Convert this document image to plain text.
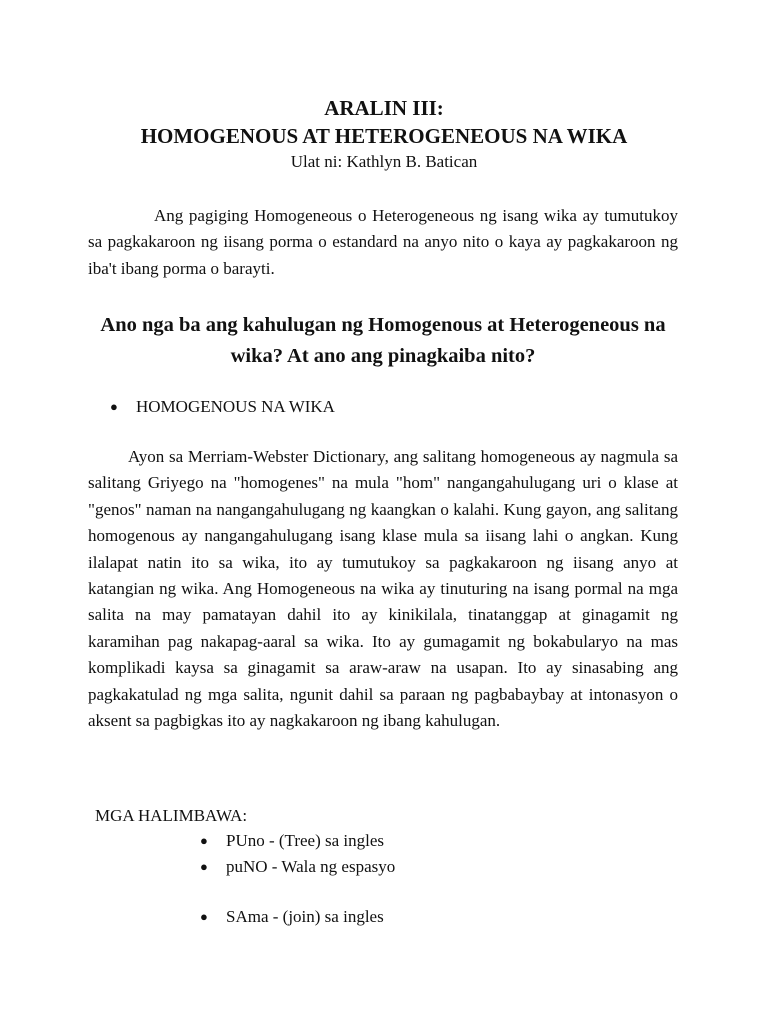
ARALIN III:
HOMOGENOUS AT HETEROGENEOUS NA WIKA
Ulat ni: Kathlyn B. Batican

Ang pagiging Homogeneous o Heterogeneous ng isang wika ay tumutukoy sa pagkakaroon ng iisang porma o estandard na anyo nito o kaya ay pagkakaroon ng iba't ibang porma o barayti.

Ano nga ba ang kahulugan ng Homogenous at Heterogeneous na wika? At ano ang pinagkaiba nito?

● HOMOGENOUS NA WIKA

Ayon sa Merriam-Webster Dictionary, ang salitang homogeneous ay nagmula sa salitang Griyego na "homogenes" na mula "hom" nangangahulugang uri o klase at "genos" naman na nangangahulugang ng kaangkan o kalahi. Kung gayon, ang salitang homogenous ay nangangahulugang isang klase mula sa iisang lahi o angkan. Kung ilalapat natin ito sa wika, ito ay tumutukoy sa pagkakaroon ng iisang anyo at katangian ng wika. Ang Homogeneous na wika ay tinuturing na isang pormal na mga salita na may pamatayan dahil ito ay kinikilala, tinatanggap at ginagamit ng karamihan pag nakapag-aaral sa wika. Ito ay gumagamit ng bokabularyo na mas komplikadi kaysa sa ginagamit sa araw-araw na usapan. Ito ay sinasabing ang pagkakatulad ng mga salita, ngunit dahil sa paraan ng pagbabaybay at intonasyon o aksent sa pagbigkas ito ay nagkakaroon ng ibang kahulugan.

MGA HALIMBAWA:
● PUno - (Tree) sa ingles
● puNO - Wala ng espasyo
● SAma - (join) sa ingles
